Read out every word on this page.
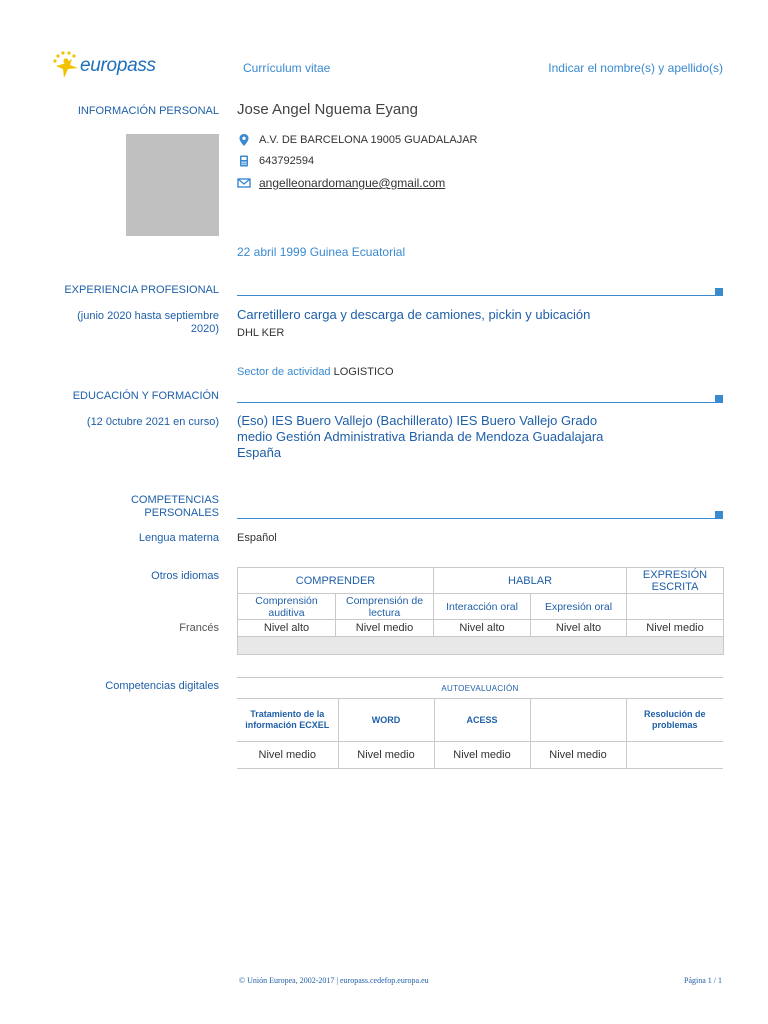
europass	Currículum vitae	Indicar el nombre(s) y apellido(s)
INFORMACIÓN PERSONAL Jose Angel Nguema Eyang
A.V. DE BARCELONA 19005 GUADALAJAR
643792594
angelleonardomangue@gmail.com
22 abril 1999 Guinea Ecuatorial
EXPERIENCIA PROFESIONAL
(junio 2020 hasta septiembre 2020)
Carretillero carga y descarga de camiones, pickin y ubicación
DHL KER
Sector de actividad LOGISTICO
EDUCACIÓN Y FORMACIÓN
(12 0ctubre 2021 en curso) (Eso) IES Buero Vallejo (Bachillerato) IES Buero Vallejo Grado medio Gestión Administrativa Brianda de Mendoza Guadalajara España
COMPETENCIAS PERSONALES
Lengua materna Español
Otros idiomas
Francés
COMPRENDER		HABLAR		EXPRESIÓN ESCRITA
Comprensión auditiva	Comprensión de lectura	Interacción oral	Expresión oral	
Nivel alto	Nivel medio	Nivel alto	Nivel alto	Nivel medio

Competencias digitales	AUTOEVALUACIÓN				
Tratamiento de la información ECXEL	WORD	ACESS		Resolución de problemas
Nivel medio	Nivel medio	Nivel medio	Nivel medio	
© Unión Europea, 2002-2017 | europass.cedefop.europa.eu	Página 1 / 1
